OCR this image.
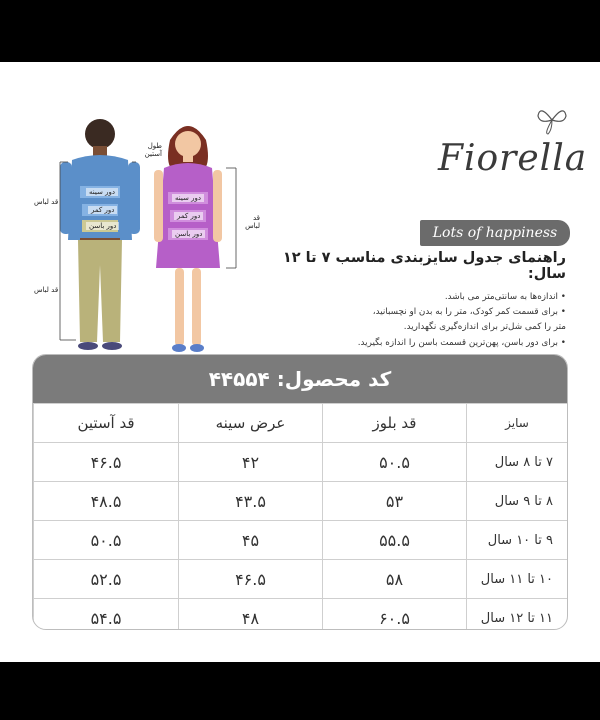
قد لباس
قد لباس
طول آستین
دور سینه
دور کمر
دور باسن
قد لباس
دور سینه
دور کمر
دور باسن
Fiorella
Lots of happiness
راهنمای جدول سایزبندی مناسب ۷ تا ۱۲ سال:
• اندازه‌ها به سانتی‌متر می باشد.
• برای قسمت کمر کودک، متر را به بدن او نچسبانید،
متر را کمی شل‌تر برای اندازه‌گیری نگهدارید.
• برای دور باسن، پهن‌ترین قسمت باسن را اندازه بگیرید.
کد محصول: ۴۴۵۵۴
قد آستین	عرض سینه	قد بلوز	سایز
۴۶.۵	۴۲	۵۰.۵	۷ تا ۸ سال
۴۸.۵	۴۳.۵	۵۳	۸ تا ۹ سال
۵۰.۵	۴۵	۵۵.۵	۹ تا ۱۰ سال
۵۲.۵	۴۶.۵	۵۸	۱۰ تا ۱۱ سال
۵۴.۵	۴۸	۶۰.۵	۱۱ تا ۱۲ سال
